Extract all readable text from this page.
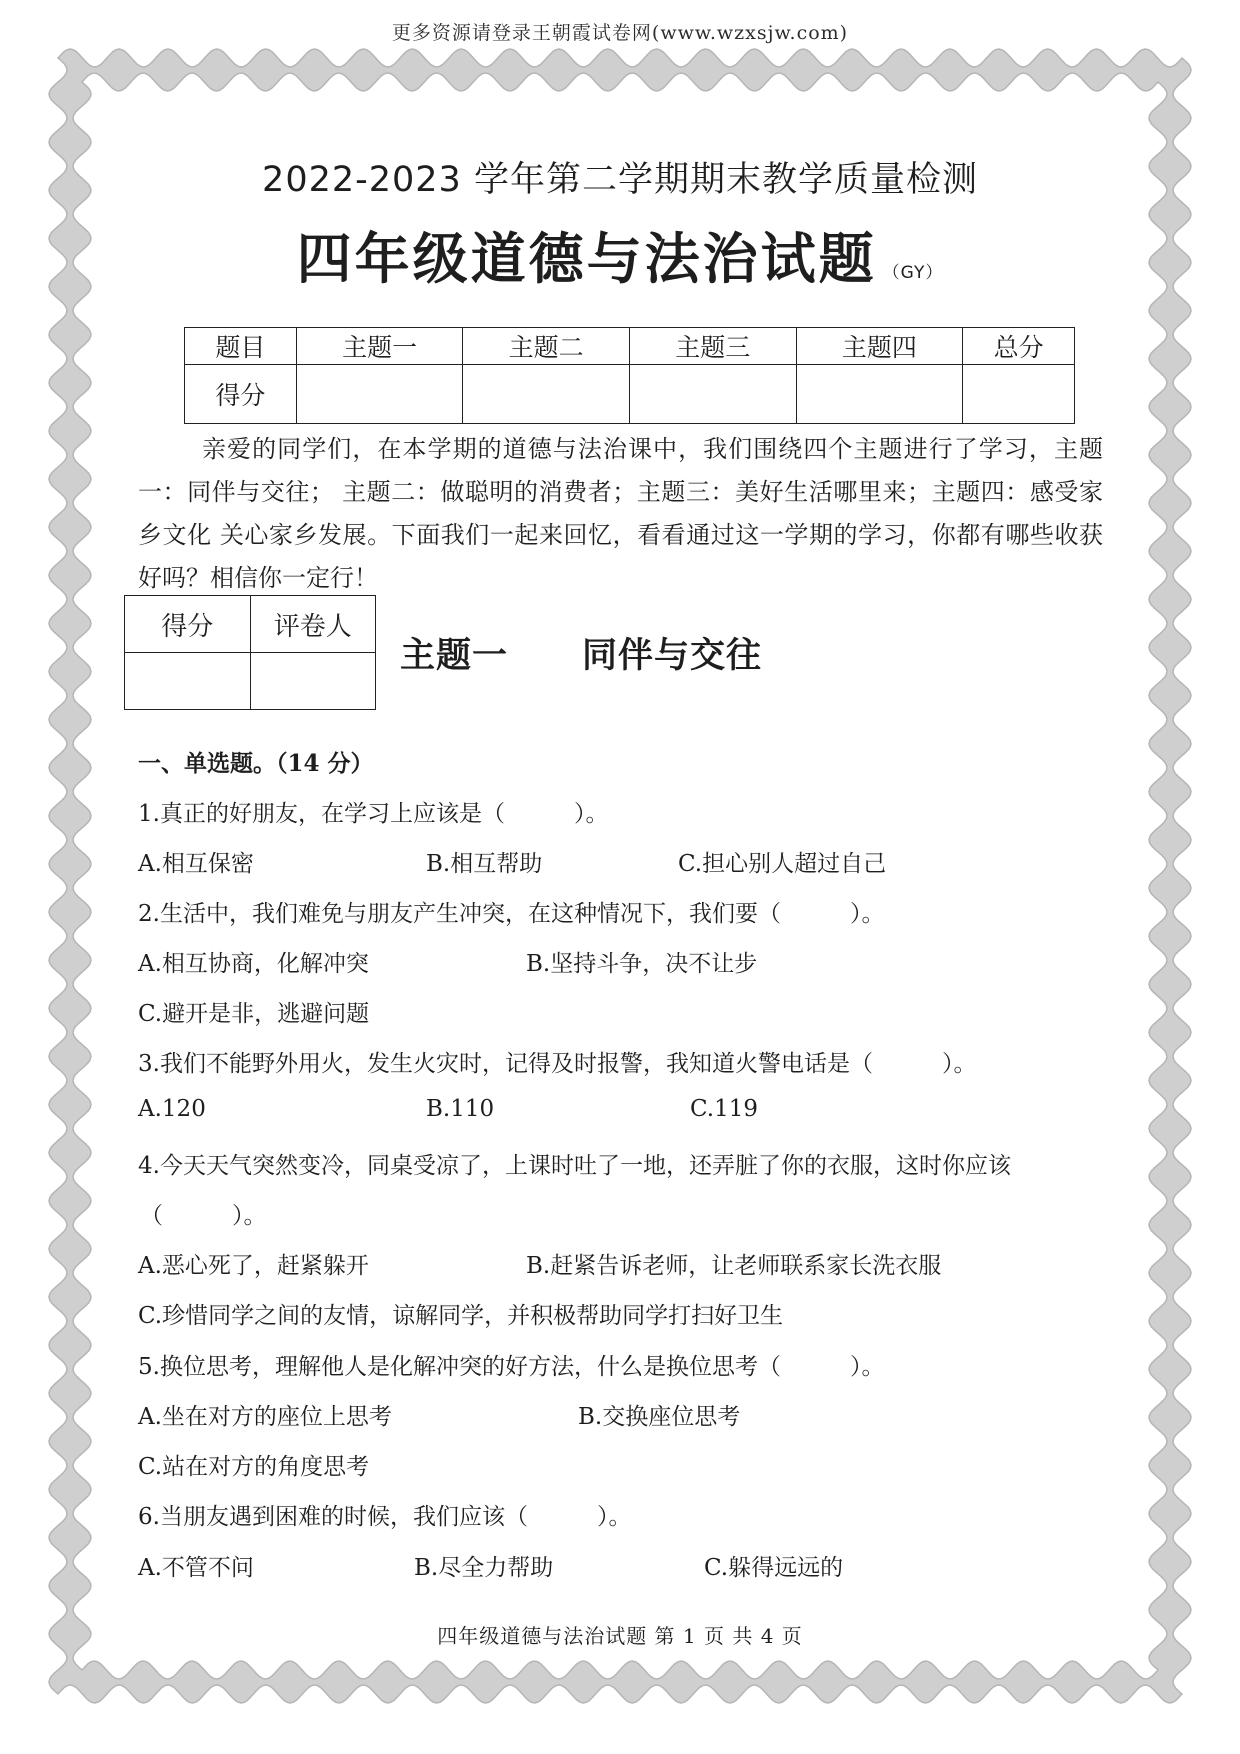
更多资源请登录王朝霞试卷网(www.wzxsjw.com)
2022-2023 学年第二学期期末教学质量检测
四年级道德与法治试题 （GY）
题目	主题一	主题二	主题三	主题四	总分
得分					
亲爱的同学们，在本学期的道德与法治课中，我们围绕四个主题进行了学习，主题一：同伴与交往； 主题二：做聪明的消费者；主题三：美好生活哪里来；主题四：感受家乡文化 关心家乡发展。下面我们一起来回忆，看看通过这一学期的学习，你都有哪些收获好吗？相信你一定行！
得分	评卷人

主题一 同伴与交往
一、单选题。（14 分）
1.真正的好朋友，在学习上应该是（　　　）。
A.相互保密	B.相互帮助	C.担心别人超过自己
2.生活中，我们难免与朋友产生冲突，在这种情况下，我们要（　　　）。
A.相互协商，化解冲突	B.坚持斗争，决不让步
C.避开是非，逃避问题
3.我们不能野外用火，发生火灾时，记得及时报警，我知道火警电话是（　　　）。
A.120	B.110	C.119
4.今天天气突然变冷，同桌受凉了，上课时吐了一地，还弄脏了你的衣服，这时你应该
（　　　）。
A.恶心死了，赶紧躲开	B.赶紧告诉老师，让老师联系家长洗衣服
C.珍惜同学之间的友情，谅解同学，并积极帮助同学打扫好卫生
5.换位思考，理解他人是化解冲突的好方法，什么是换位思考（　　　）。
A.坐在对方的座位上思考	B.交换座位思考
C.站在对方的角度思考
6.当朋友遇到困难的时候，我们应该（　　　）。
A.不管不问	B.尽全力帮助	C.躲得远远的
四年级道德与法治试题 第 1 页 共 4 页
